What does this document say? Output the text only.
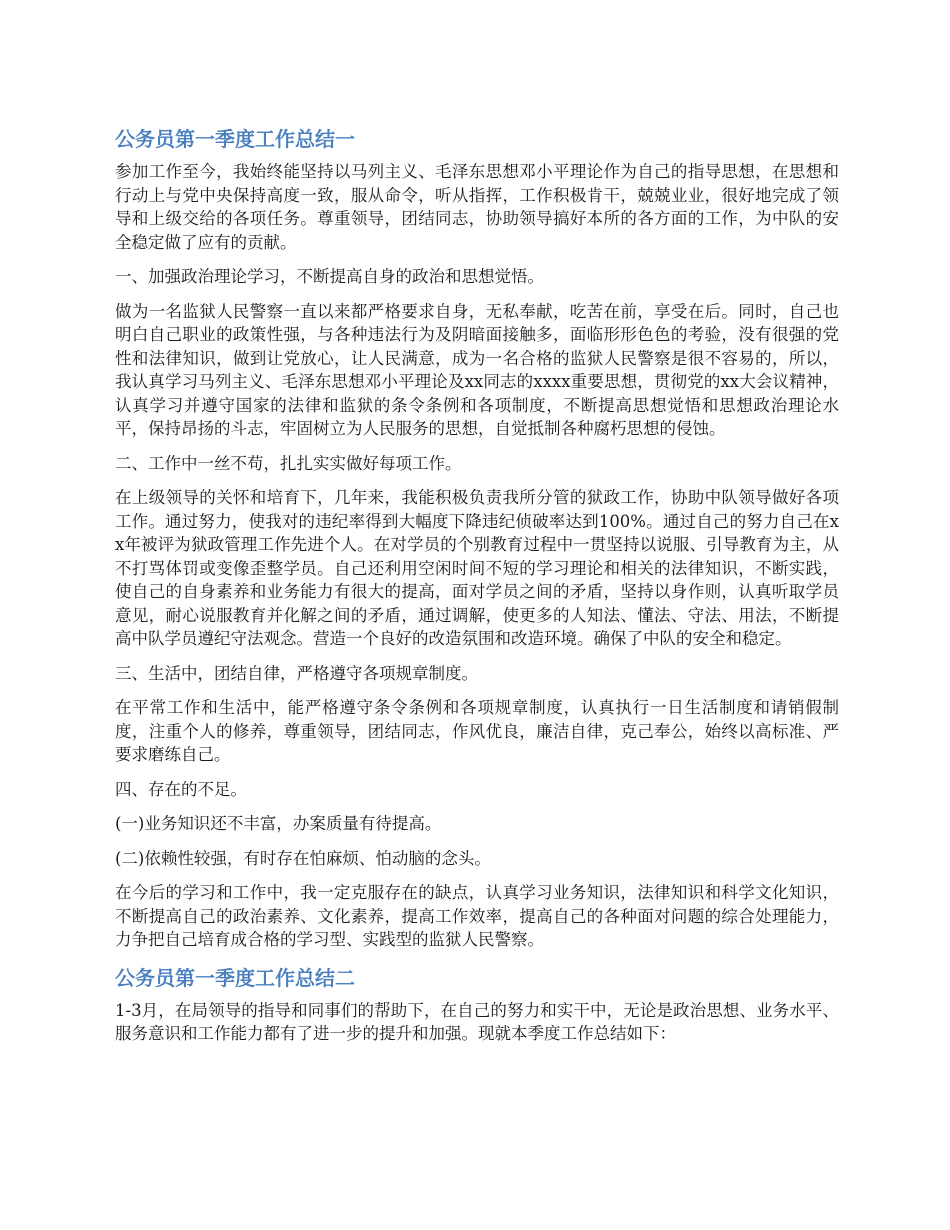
公务员第一季度工作总结一

参加工作至今，我始终能坚持以马列主义、毛泽东思想邓小平理论作为自己的指导思想，在思想和行动上与党中央保持高度一致，服从命令，听从指挥，工作积极肯干，兢兢业业，很好地完成了领导和上级交给的各项任务。尊重领导，团结同志，协助领导搞好本所的各方面的工作，为中队的安全稳定做了应有的贡献。

一、加强政治理论学习，不断提高自身的政治和思想觉悟。

做为一名监狱人民警察一直以来都严格要求自身，无私奉献，吃苦在前，享受在后。同时，自己也明白自己职业的政策性强，与各种违法行为及阴暗面接触多，面临形形色色的考验，没有很强的党性和法律知识，做到让党放心，让人民满意，成为一名合格的监狱人民警察是很不容易的，所以，我认真学习马列主义、毛泽东思想邓小平理论及xx同志的xxxx重要思想，贯彻党的xx大会议精神，认真学习并遵守国家的法律和监狱的条令条例和各项制度，不断提高思想觉悟和思想政治理论水平，保持昂扬的斗志，牢固树立为人民服务的思想，自觉抵制各种腐朽思想的侵蚀。

二、工作中一丝不苟，扎扎实实做好每项工作。

在上级领导的关怀和培育下，几年来，我能积极负责我所分管的狱政工作，协助中队领导做好各项工作。通过努力，使我对的违纪率得到大幅度下降违纪侦破率达到100%。通过自己的努力自己在xx年被评为狱政管理工作先进个人。在对学员的个别教育过程中一贯坚持以说服、引导教育为主，从不打骂体罚或变像歪整学员。自己还利用空闲时间不短的学习理论和相关的法律知识，不断实践，使自己的自身素养和业务能力有很大的提高，面对学员之间的矛盾，坚持以身作则，认真听取学员意见，耐心说服教育并化解之间的矛盾，通过调解，使更多的人知法、懂法、守法、用法，不断提高中队学员遵纪守法观念。营造一个良好的改造氛围和改造环境。确保了中队的安全和稳定。

三、生活中，团结自律，严格遵守各项规章制度。

在平常工作和生活中，能严格遵守条令条例和各项规章制度，认真执行一日生活制度和请销假制度，注重个人的修养，尊重领导，团结同志，作风优良，廉洁自律，克己奉公，始终以高标准、严要求磨练自己。

四、存在的不足。

(一)业务知识还不丰富，办案质量有待提高。

(二)依赖性较强，有时存在怕麻烦、怕动脑的念头。

在今后的学习和工作中，我一定克服存在的缺点，认真学习业务知识，法律知识和科学文化知识，不断提高自己的政治素养、文化素养，提高工作效率，提高自己的各种面对问题的综合处理能力，力争把自己培育成合格的学习型、实践型的监狱人民警察。

公务员第一季度工作总结二

1-3月，在局领导的指导和同事们的帮助下，在自己的努力和实干中，无论是政治思想、业务水平、服务意识和工作能力都有了进一步的提升和加强。现就本季度工作总结如下：
